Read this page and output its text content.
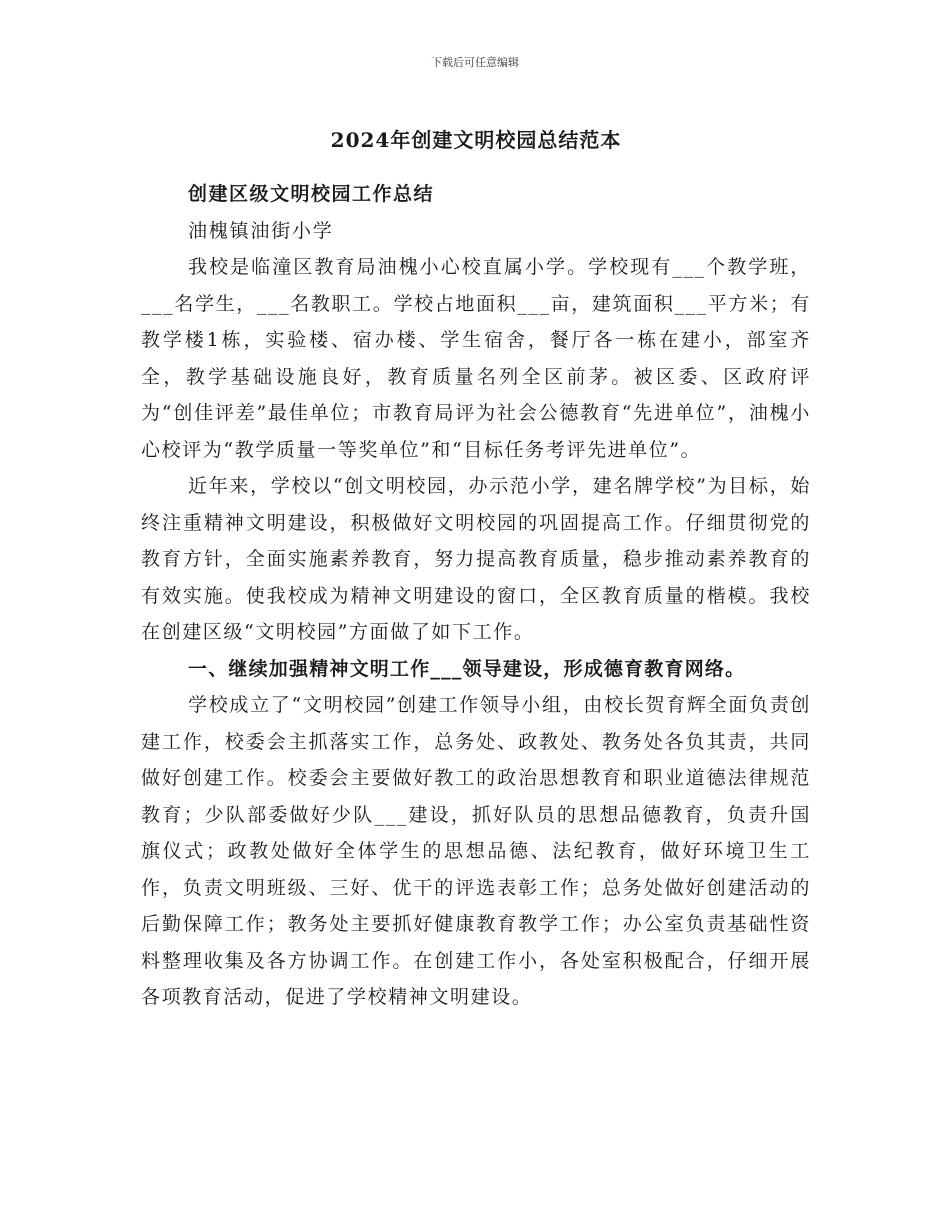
下载后可任意编辑
2024年创建文明校园总结范本

创建区级文明校园工作总结

油槐镇油街小学

我校是临潼区教育局油槐小心校直属小学。学校现有___个教学班，___名学生，___名教职工。学校占地面积___亩，建筑面积___平方米；有教学楼1栋，实验楼、宿办楼、学生宿舍，餐厅各一栋在建小，部室齐全，教学基础设施良好，教育质量名列全区前茅。被区委、区政府评为“创佳评差”最佳单位；市教育局评为社会公德教育“先进单位”，油槐小心校评为“教学质量一等奖单位”和“目标任务考评先进单位”。

近年来，学校以“创文明校园，办示范小学，建名牌学校”为目标，始终注重精神文明建设，积极做好文明校园的巩固提高工作。仔细贯彻党的教育方针，全面实施素养教育，努力提高教育质量，稳步推动素养教育的有效实施。使我校成为精神文明建设的窗口，全区教育质量的楷模。我校在创建区级“文明校园”方面做了如下工作。

一、继续加强精神文明工作___领导建设，形成德育教育网络。

学校成立了“文明校园”创建工作领导小组，由校长贺育辉全面负责创建工作，校委会主抓落实工作，总务处、政教处、教务处各负其责，共同做好创建工作。校委会主要做好教工的政治思想教育和职业道德法律规范教育；少队部委做好少队___建设，抓好队员的思想品德教育，负责升国旗仪式；政教处做好全体学生的思想品德、法纪教育，做好环境卫生工作，负责文明班级、三好、优干的评选表彰工作；总务处做好创建活动的后勤保障工作；教务处主要抓好健康教育教学工作；办公室负责基础性资料整理收集及各方协调工作。在创建工作小，各处室积极配合，仔细开展各项教育活动，促进了学校精神文明建设。
